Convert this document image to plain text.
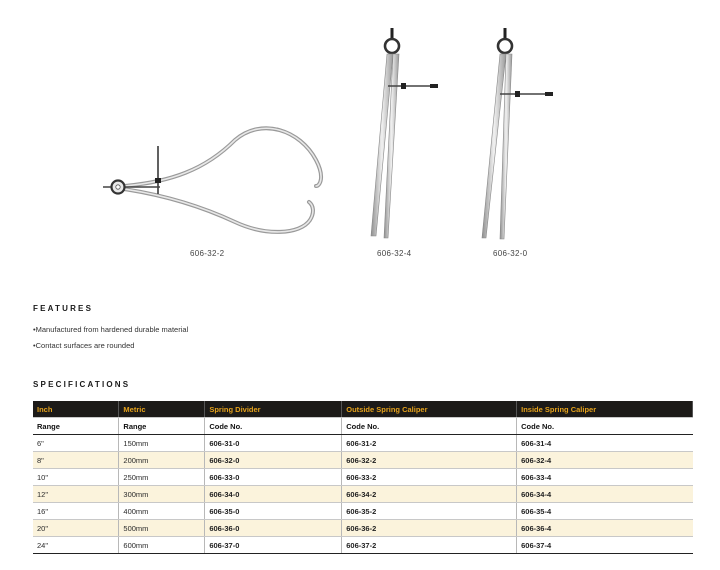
606-32-2	606-32-4	606-32-0
FEATURES
• Manufactured from hardened durable material
• Contact surfaces are rounded
SPECIFICATIONS
Inch	Metric	Spring Divider	Outside Spring Caliper	Inside Spring Caliper
Range	Range	Code No.	Code No.	Code No.
6"	150mm	606-31-0	606-31-2	606-31-4
8"	200mm	606-32-0	606-32-2	606-32-4
10"	250mm	606-33-0	606-33-2	606-33-4
12"	300mm	606-34-0	606-34-2	606-34-4
16"	400mm	606-35-0	606-35-2	606-35-4
20"	500mm	606-36-0	606-36-2	606-36-4
24"	600mm	606-37-0	606-37-2	606-37-4
